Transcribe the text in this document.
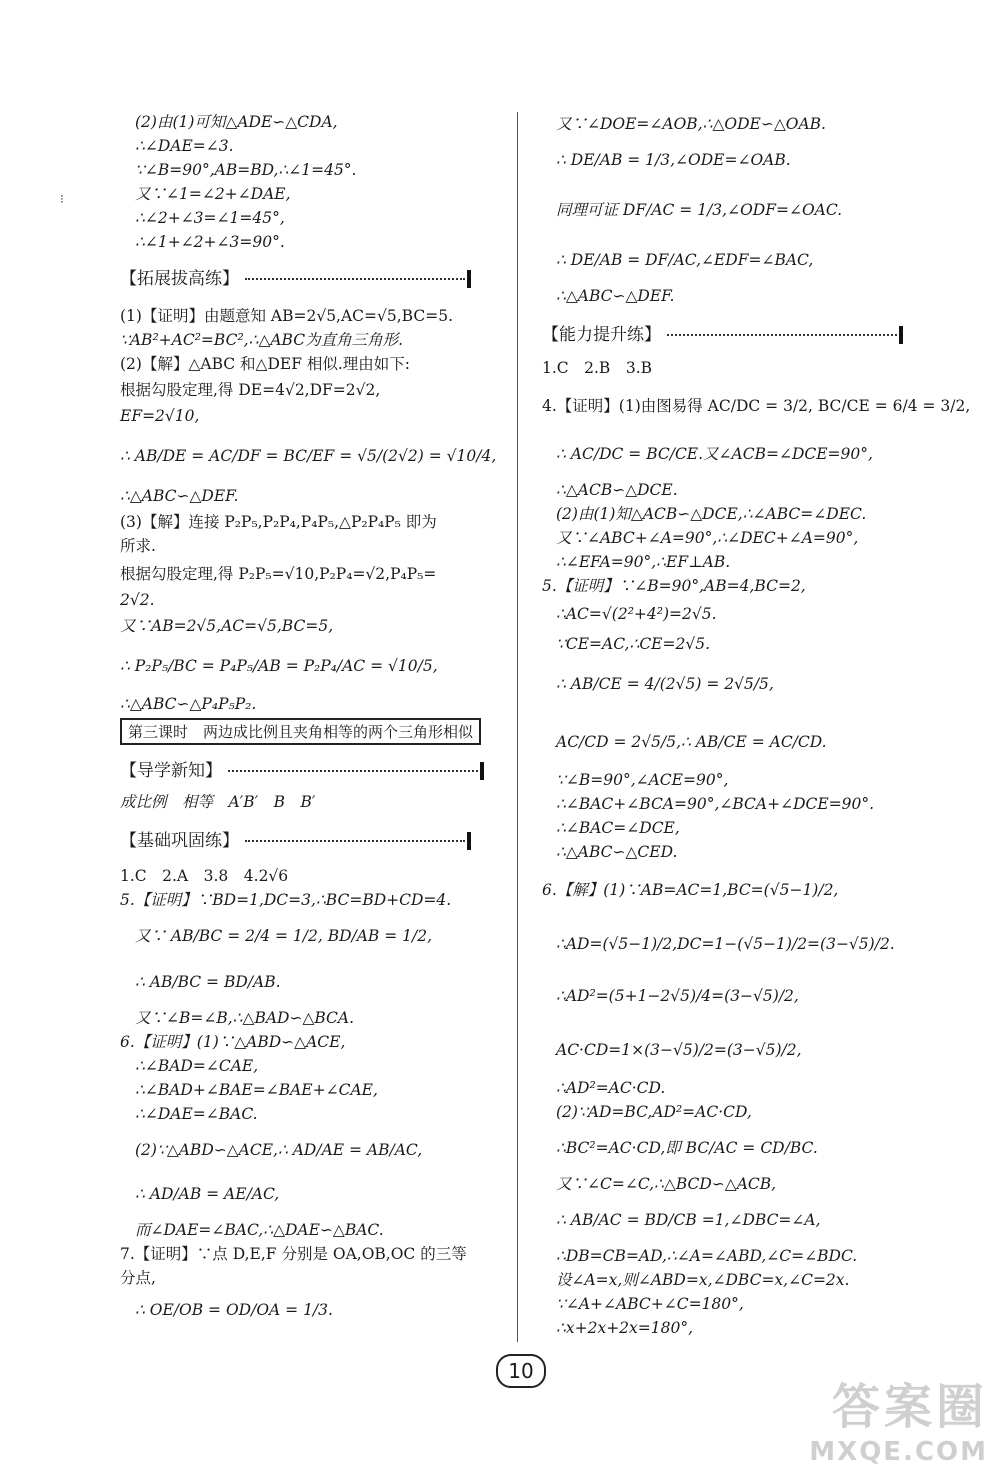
⁝
(2)由(1)可知△ADE∽△CDA,
∴∠DAE=∠3.
∵∠B=90°,AB=BD,∴∠1=45°.
又∵∠1=∠2+∠DAE,
∴∠2+∠3=∠1=45°,
∴∠1+∠2+∠3=90°.
【拓展拔高练】
(1)【证明】由题意知 AB=2√5,AC=√5,BC=5.
∵AB²+AC²=BC²,∴△ABC为直角三角形.
(2)【解】△ABC 和△DEF 相似.理由如下:
根据勾股定理,得 DE=4√2,DF=2√2,
EF=2√10,
∴ AB/DE = AC/DF = BC/EF = √5/(2√2) = √10/4,
∴△ABC∽△DEF.
(3)【解】连接 P₂P₅,P₂P₄,P₄P₅,△P₂P₄P₅ 即为
所求.
根据勾股定理,得 P₂P₅=√10,P₂P₄=√2,P₄P₅=
2√2.
又∵AB=2√5,AC=√5,BC=5,
∴ P₂P₅/BC = P₄P₅/AB = P₂P₄/AC = √10/5,
∴△ABC∽△P₄P₅P₂.
第三课时　两边成比例且夹角相等的两个三角形相似
【导学新知】
成比例　相等　A′B′　B　B′
【基础巩固练】
1.C　2.A　3.8　4.2√6
5.【证明】∵BD=1,DC=3,∴BC=BD+CD=4.
又∵ AB/BC = 2/4 = 1/2, BD/AB = 1/2,
∴ AB/BC = BD/AB.
又∵∠B=∠B,∴△BAD∽△BCA.
6.【证明】(1)∵△ABD∽△ACE,
∴∠BAD=∠CAE,
∴∠BAD+∠BAE=∠BAE+∠CAE,
∴∠DAE=∠BAC.
(2)∵△ABD∽△ACE,∴ AD/AE = AB/AC,
∴ AD/AB = AE/AC,
而∠DAE=∠BAC,∴△DAE∽△BAC.
7.【证明】∵点 D,E,F 分别是 OA,OB,OC 的三等
分点,
∴ OE/OB = OD/OA = 1/3.
又∵∠DOE=∠AOB,∴△ODE∽△OAB.
∴ DE/AB = 1/3,∠ODE=∠OAB.
同理可证 DF/AC = 1/3,∠ODF=∠OAC.
∴ DE/AB = DF/AC,∠EDF=∠BAC,
∴△ABC∽△DEF.
【能力提升练】
1.C　2.B　3.B
4.【证明】(1)由图易得 AC/DC = 3/2, BC/CE = 6/4 = 3/2,
∴ AC/DC = BC/CE.又∠ACB=∠DCE=90°,
∴△ACB∽△DCE.
(2)由(1)知△ACB∽△DCE,∴∠ABC=∠DEC.
又∵∠ABC+∠A=90°,∴∠DEC+∠A=90°,
∴∠EFA=90°,∴EF⊥AB.
5.【证明】∵∠B=90°,AB=4,BC=2,
∴AC=√(2²+4²)=2√5.
∵CE=AC,∴CE=2√5.
∴ AB/CE = 4/(2√5) = 2√5/5,
AC/CD = 2√5/5,∴ AB/CE = AC/CD.
∵∠B=90°,∠ACE=90°,
∴∠BAC+∠BCA=90°,∠BCA+∠DCE=90°.
∴∠BAC=∠DCE,
∴△ABC∽△CED.
6.【解】(1)∵AB=AC=1,BC=(√5−1)/2,
∴AD=(√5−1)/2,DC=1−(√5−1)/2=(3−√5)/2.
∴AD²=(5+1−2√5)/4=(3−√5)/2,
AC·CD=1×(3−√5)/2=(3−√5)/2,
∴AD²=AC·CD.
(2)∵AD=BC,AD²=AC·CD,
∴BC²=AC·CD,即 BC/AC = CD/BC.
又∵∠C=∠C,∴△BCD∽△ACB,
∴ AB/AC = BD/CB =1,∠DBC=∠A,
∴DB=CB=AD,∴∠A=∠ABD,∠C=∠BDC.
设∠A=x,则∠ABD=x,∠DBC=x,∠C=2x.
∵∠A+∠ABC+∠C=180°,
∴x+2x+2x=180°,
10
答案圈
MXQE.COM
